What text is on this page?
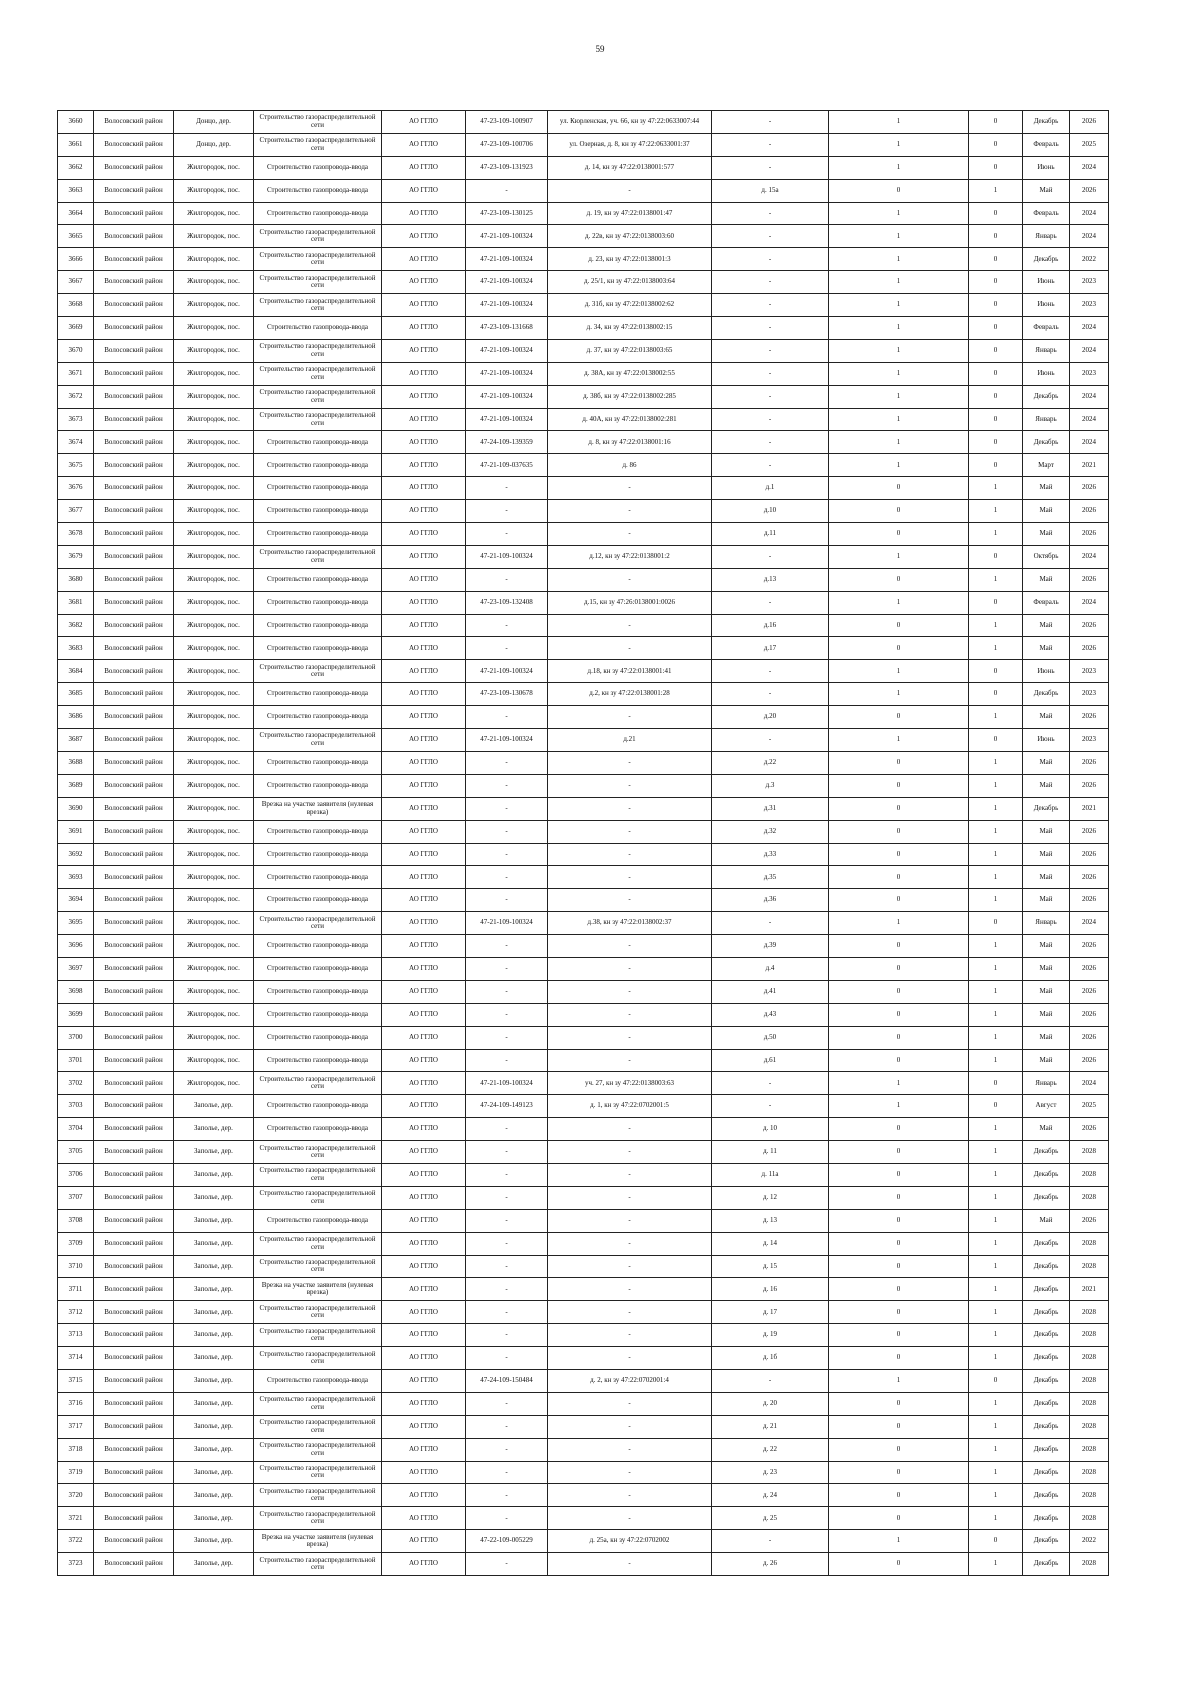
59
3660	Волосовский район	Донцо, дер.	Строительство газораспределительной сети	АО ГГЛО	47-23-109-100907	ул. Кюрленская, уч. 66, кн зу 47:22:0633007:44	-	1	0	Декабрь	2026
3661	Волосовский район	Донцо, дер.	Строительство газораспределительной сети	АО ГГЛО	47-23-109-100706	ул. Озерная, д. 8, кн зу 47:22:0633001:37	-	1	0	Февраль	2025
3662	Волосовский район	Жилгородок, пос.	Строительство газопровода-ввода	АО ГГЛО	47-23-109-131923	д. 14, кн зу 47:22:0138001:577	-	1	0	Июнь	2024
3663	Волосовский район	Жилгородок, пос.	Строительство газопровода-ввода	АО ГГЛО	-	-	д. 15а	0	1	Май	2026
3664	Волосовский район	Жилгородок, пос.	Строительство газопровода-ввода	АО ГГЛО	47-23-109-130125	д. 19, кн зу 47:22:0138001:47	-	1	0	Февраль	2024
3665	Волосовский район	Жилгородок, пос.	Строительство газораспределительной сети	АО ГГЛО	47-21-109-100324	д. 22в, кн зу 47:22:0138003:60	-	1	0	Январь	2024
3666	Волосовский район	Жилгородок, пос.	Строительство газораспределительной сети	АО ГГЛО	47-21-109-100324	д. 23, кн зу 47:22:0138001:3	-	1	0	Декабрь	2022
3667	Волосовский район	Жилгородок, пос.	Строительство газораспределительной сети	АО ГГЛО	47-21-109-100324	д. 25/1, кн зу 47:22:0138003:64	-	1	0	Июнь	2023
3668	Волосовский район	Жилгородок, пос.	Строительство газораспределительной сети	АО ГГЛО	47-21-109-100324	д. 31б, кн зу 47:22:0138002:62	-	1	0	Июнь	2023
3669	Волосовский район	Жилгородок, пос.	Строительство газопровода-ввода	АО ГГЛО	47-23-109-131668	д. 34, кн зу 47:22:0138002:15	-	1	0	Февраль	2024
3670	Волосовский район	Жилгородок, пос.	Строительство газораспределительной сети	АО ГГЛО	47-21-109-100324	д. 37, кн зу 47:22:0138003:65	-	1	0	Январь	2024
3671	Волосовский район	Жилгородок, пос.	Строительство газораспределительной сети	АО ГГЛО	47-21-109-100324	д. 38А, кн зу 47:22:0138002:55	-	1	0	Июнь	2023
3672	Волосовский район	Жилгородок, пос.	Строительство газораспределительной сети	АО ГГЛО	47-21-109-100324	д. 38б, кн зу 47:22:0138002:285	-	1	0	Декабрь	2024
3673	Волосовский район	Жилгородок, пос.	Строительство газораспределительной сети	АО ГГЛО	47-21-109-100324	д. 40А, кн зу 47:22:0138002:281	-	1	0	Январь	2024
3674	Волосовский район	Жилгородок, пос.	Строительство газопровода-ввода	АО ГГЛО	47-24-109-139359	д. 8, кн зу 47:22:0138001:16	-	1	0	Декабрь	2024
3675	Волосовский район	Жилгородок, пос.	Строительство газопровода-ввода	АО ГГЛО	47-21-109-037635	д. 86	-	1	0	Март	2021
3676	Волосовский район	Жилгородок, пос.	Строительство газопровода-ввода	АО ГГЛО	-	-	д.1	0	1	Май	2026
3677	Волосовский район	Жилгородок, пос.	Строительство газопровода-ввода	АО ГГЛО	-	-	д.10	0	1	Май	2026
3678	Волосовский район	Жилгородок, пос.	Строительство газопровода-ввода	АО ГГЛО	-	-	д.11	0	1	Май	2026
3679	Волосовский район	Жилгородок, пос.	Строительство газораспределительной сети	АО ГГЛО	47-21-109-100324	д.12, кн зу 47:22:0138001:2	-	1	0	Октябрь	2024
3680	Волосовский район	Жилгородок, пос.	Строительство газопровода-ввода	АО ГГЛО	-	-	д.13	0	1	Май	2026
3681	Волосовский район	Жилгородок, пос.	Строительство газопровода-ввода	АО ГГЛО	47-23-109-132408	д.15, кн зу 47:26:0138001:0026	-	1	0	Февраль	2024
3682	Волосовский район	Жилгородок, пос.	Строительство газопровода-ввода	АО ГГЛО	-	-	д.16	0	1	Май	2026
3683	Волосовский район	Жилгородок, пос.	Строительство газопровода-ввода	АО ГГЛО	-	-	д.17	0	1	Май	2026
3684	Волосовский район	Жилгородок, пос.	Строительство газораспределительной сети	АО ГГЛО	47-21-109-100324	д.18, кн зу 47:22:0138001:41	-	1	0	Июнь	2023
3685	Волосовский район	Жилгородок, пос.	Строительство газопровода-ввода	АО ГГЛО	47-23-109-130678	д.2, кн зу 47:22:0138001:28	-	1	0	Декабрь	2023
3686	Волосовский район	Жилгородок, пос.	Строительство газопровода-ввода	АО ГГЛО	-	-	д.20	0	1	Май	2026
3687	Волосовский район	Жилгородок, пос.	Строительство газораспределительной сети	АО ГГЛО	47-21-109-100324	д.21	-	1	0	Июнь	2023
3688	Волосовский район	Жилгородок, пос.	Строительство газопровода-ввода	АО ГГЛО	-	-	д.22	0	1	Май	2026
3689	Волосовский район	Жилгородок, пос.	Строительство газопровода-ввода	АО ГГЛО	-	-	д.3	0	1	Май	2026
3690	Волосовский район	Жилгородок, пос.	Врезка на участке заявителя (нулевая врезка)	АО ГГЛО	-	-	д.31	0	1	Декабрь	2021
3691	Волосовский район	Жилгородок, пос.	Строительство газопровода-ввода	АО ГГЛО	-	-	д.32	0	1	Май	2026
3692	Волосовский район	Жилгородок, пос.	Строительство газопровода-ввода	АО ГГЛО	-	-	д.33	0	1	Май	2026
3693	Волосовский район	Жилгородок, пос.	Строительство газопровода-ввода	АО ГГЛО	-	-	д.35	0	1	Май	2026
3694	Волосовский район	Жилгородок, пос.	Строительство газопровода-ввода	АО ГГЛО	-	-	д.36	0	1	Май	2026
3695	Волосовский район	Жилгородок, пос.	Строительство газораспределительной сети	АО ГГЛО	47-21-109-100324	д.38, кн зу 47:22:0138002:37	-	1	0	Январь	2024
3696	Волосовский район	Жилгородок, пос.	Строительство газопровода-ввода	АО ГГЛО	-	-	д.39	0	1	Май	2026
3697	Волосовский район	Жилгородок, пос.	Строительство газопровода-ввода	АО ГГЛО	-	-	д.4	0	1	Май	2026
3698	Волосовский район	Жилгородок, пос.	Строительство газопровода-ввода	АО ГГЛО	-	-	д.41	0	1	Май	2026
3699	Волосовский район	Жилгородок, пос.	Строительство газопровода-ввода	АО ГГЛО	-	-	д.43	0	1	Май	2026
3700	Волосовский район	Жилгородок, пос.	Строительство газопровода-ввода	АО ГГЛО	-	-	д.50	0	1	Май	2026
3701	Волосовский район	Жилгородок, пос.	Строительство газопровода-ввода	АО ГГЛО	-	-	д.61	0	1	Май	2026
3702	Волосовский район	Жилгородок, пос.	Строительство газораспределительной сети	АО ГГЛО	47-21-109-100324	уч. 27, кн зу 47:22:0138003:63	-	1	0	Январь	2024
3703	Волосовский район	Заполье, дер.	Строительство газопровода-ввода	АО ГГЛО	47-24-109-149123	д. 1, кн зу 47:22:0702001:5	-	1	0	Август	2025
3704	Волосовский район	Заполье, дер.	Строительство газопровода-ввода	АО ГГЛО	-	-	д. 10	0	1	Май	2026
3705	Волосовский район	Заполье, дер.	Строительство газораспределительной сети	АО ГГЛО	-	-	д. 11	0	1	Декабрь	2028
3706	Волосовский район	Заполье, дер.	Строительство газораспределительной сети	АО ГГЛО	-	-	д. 11а	0	1	Декабрь	2028
3707	Волосовский район	Заполье, дер.	Строительство газораспределительной сети	АО ГГЛО	-	-	д. 12	0	1	Декабрь	2028
3708	Волосовский район	Заполье, дер.	Строительство газопровода-ввода	АО ГГЛО	-	-	д. 13	0	1	Май	2026
3709	Волосовский район	Заполье, дер.	Строительство газораспределительной сети	АО ГГЛО	-	-	д. 14	0	1	Декабрь	2028
3710	Волосовский район	Заполье, дер.	Строительство газораспределительной сети	АО ГГЛО	-	-	д. 15	0	1	Декабрь	2028
3711	Волосовский район	Заполье, дер.	Врезка на участке заявителя (нулевая врезка)	АО ГГЛО	-	-	д. 16	0	1	Декабрь	2021
3712	Волосовский район	Заполье, дер.	Строительство газораспределительной сети	АО ГГЛО	-	-	д. 17	0	1	Декабрь	2028
3713	Волосовский район	Заполье, дер.	Строительство газораспределительной сети	АО ГГЛО	-	-	д. 19	0	1	Декабрь	2028
3714	Волосовский район	Заполье, дер.	Строительство газораспределительной сети	АО ГГЛО	-	-	д. 1б	0	1	Декабрь	2028
3715	Волосовский район	Заполье, дер.	Строительство газопровода-ввода	АО ГГЛО	47-24-109-150484	д. 2, кн зу 47:22:0702001:4	-	1	0	Декабрь	2028
3716	Волосовский район	Заполье, дер.	Строительство газораспределительной сети	АО ГГЛО	-	-	д. 20	0	1	Декабрь	2028
3717	Волосовский район	Заполье, дер.	Строительство газораспределительной сети	АО ГГЛО	-	-	д. 21	0	1	Декабрь	2028
3718	Волосовский район	Заполье, дер.	Строительство газораспределительной сети	АО ГГЛО	-	-	д. 22	0	1	Декабрь	2028
3719	Волосовский район	Заполье, дер.	Строительство газораспределительной сети	АО ГГЛО	-	-	д. 23	0	1	Декабрь	2028
3720	Волосовский район	Заполье, дер.	Строительство газораспределительной сети	АО ГГЛО	-	-	д. 24	0	1	Декабрь	2028
3721	Волосовский район	Заполье, дер.	Строительство газораспределительной сети	АО ГГЛО	-	-	д. 25	0	1	Декабрь	2028
3722	Волосовский район	Заполье, дер.	Врезка на участке заявителя (нулевая врезка)	АО ГГЛО	47-22-109-005229	д. 25а, кн зу 47:22:0702002	-	1	0	Декабрь	2022
3723	Волосовский район	Заполье, дер.	Строительство газораспределительной сети	АО ГГЛО	-	-	д. 26	0	1	Декабрь	2028
